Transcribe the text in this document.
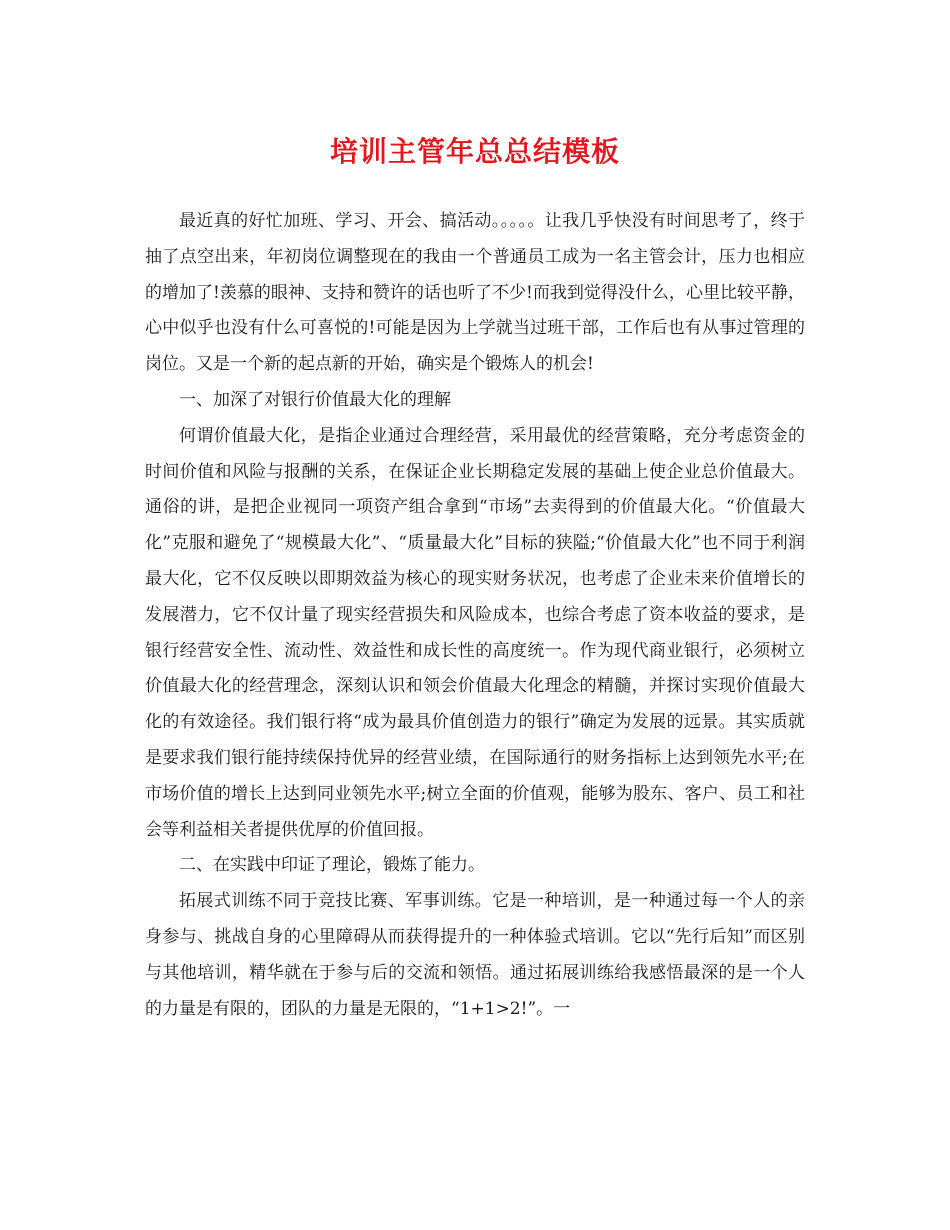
培训主管年总总结模板

最近真的好忙加班、学习、开会、搞活动。。。。。让我几乎快没有时间思考了，终于抽了点空出来，年初岗位调整现在的我由一个普通员工成为一名主管会计，压力也相应的增加了!羡慕的眼神、支持和赞许的话也听了不少!而我到觉得没什么，心里比较平静，心中似乎也没有什么可喜悦的!可能是因为上学就当过班干部，工作后也有从事过管理的岗位。又是一个新的起点新的开始，确实是个锻炼人的机会!

一、加深了对银行价值最大化的理解

何谓价值最大化，是指企业通过合理经营，采用最优的经营策略，充分考虑资金的时间价值和风险与报酬的关系，在保证企业长期稳定发展的基础上使企业总价值最大。通俗的讲，是把企业视同一项资产组合拿到“市场”去卖得到的价值最大化。“价值最大化”克服和避免了“规模最大化”、“质量最大化”目标的狭隘;“价值最大化”也不同于利润最大化，它不仅反映以即期效益为核心的现实财务状况，也考虑了企业未来价值增长的发展潜力，它不仅计量了现实经营损失和风险成本，也综合考虑了资本收益的要求，是银行经营安全性、流动性、效益性和成长性的高度统一。作为现代商业银行，必须树立价值最大化的经营理念，深刻认识和领会价值最大化理念的精髓，并探讨实现价值最大化的有效途径。我们银行将“成为最具价值创造力的银行”确定为发展的远景。其实质就是要求我们银行能持续保持优异的经营业绩，在国际通行的财务指标上达到领先水平;在市场价值的增长上达到同业领先水平;树立全面的价值观，能够为股东、客户、员工和社会等利益相关者提供优厚的价值回报。

二、在实践中印证了理论，锻炼了能力。

拓展式训练不同于竞技比赛、军事训练。它是一种培训，是一种通过每一个人的亲身参与、挑战自身的心里障碍从而获得提升的一种体验式培训。它以“先行后知”而区别与其他培训，精华就在于参与后的交流和领悟。通过拓展训练给我感悟最深的是一个人的力量是有限的，团队的力量是无限的，“1+1>2!”。一
